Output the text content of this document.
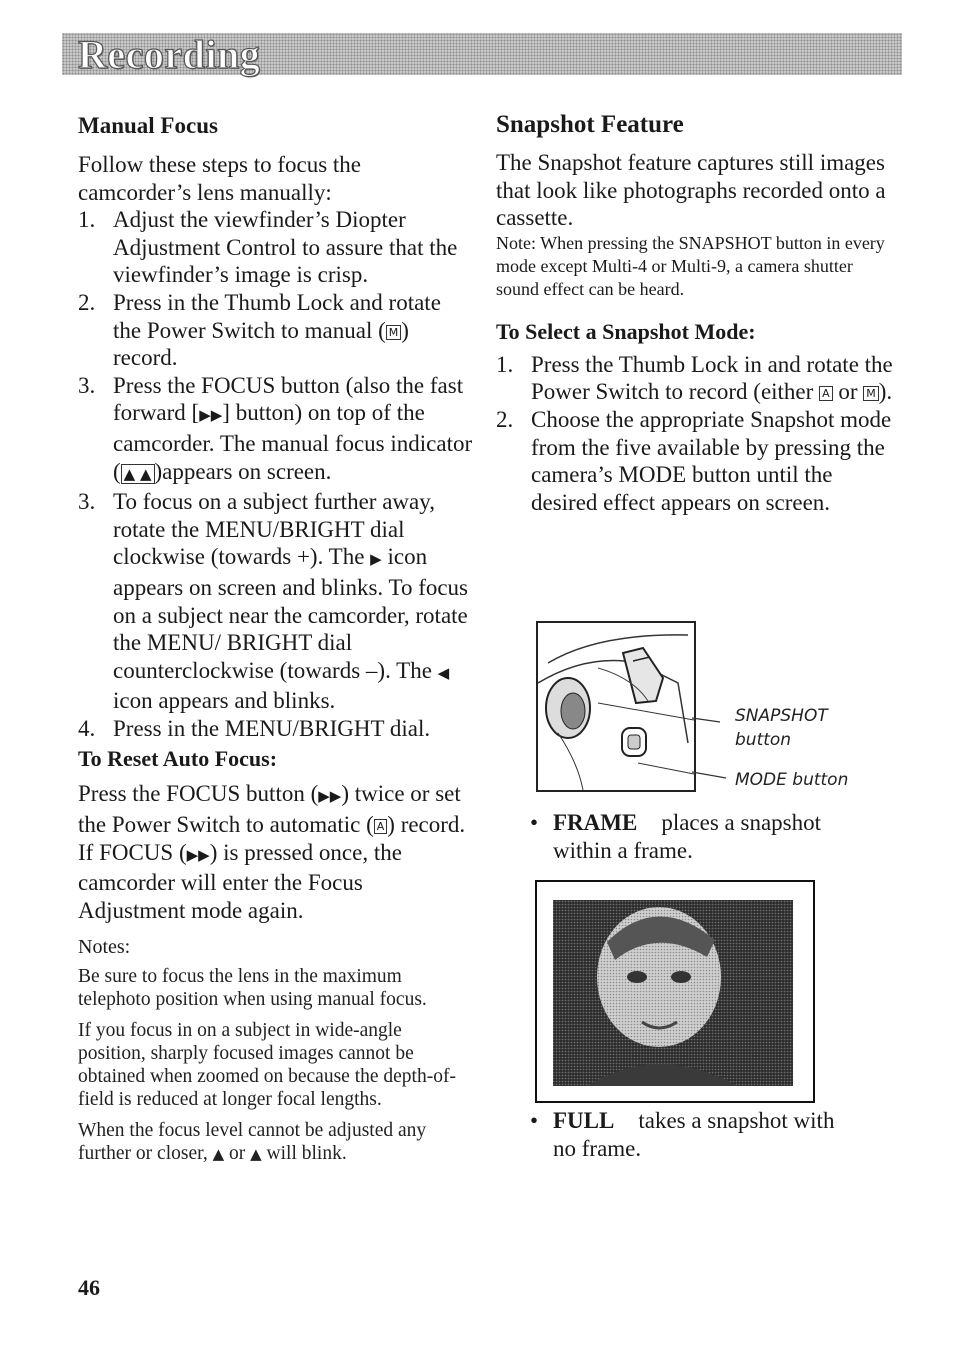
Recording
Manual Focus

Follow these steps to focus the camcorder’s lens manually:

1. Adjust the viewfinder’s Diopter Adjustment Control to assure that the viewfinder’s image is crisp.
2. Press in the Thumb Lock and rotate the Power Switch to manual ( M ) record.
3. Press the FOCUS button (also the fast forward [▶▶] button) on top of the camcorder. The manual focus indicator ( ▲ ▲ )appears on screen.
3. To focus on a subject further away, rotate the MENU/BRIGHT dial clockwise (towards +). The ▶ icon appears on screen and blinks. To focus on a subject near the camcorder, rotate the MENU/ BRIGHT dial counterclockwise (towards –). The ◀ icon appears and blinks.
4. Press in the MENU/BRIGHT dial.
To Reset Auto Focus:

Press the FOCUS button (▶▶) twice or set the Power Switch to automatic ( A ) record. If FOCUS (▶▶) is pressed once, the camcorder will enter the Focus Adjustment mode again.

Notes:
Be sure to focus the lens in the maximum telephoto position when using manual focus.
If you focus in on a subject in wide-angle position, sharply focused images cannot be obtained when zoomed on because the depth-of-field is reduced at longer focal lengths.
When the focus level cannot be adjusted any further or closer, ▲ or ▲ will blink.
Snapshot Feature

The Snapshot feature captures still images that look like photographs recorded onto a cassette.

Note: When pressing the SNAPSHOT button in every mode except Multi-4 or Multi-9, a camera shutter sound effect can be heard.
To Select a Snapshot Mode:
1. Press the Thumb Lock in and rotate the Power Switch to record (either A or M ).
2. Choose the appropriate Snapshot mode from the five available by pressing the camera’s MODE button until the desired effect appears on screen.
SNAPSHOT
button
MODE button
• FRAME places a snapshot
within a frame.
• FULL takes a snapshot with
no frame.
46
